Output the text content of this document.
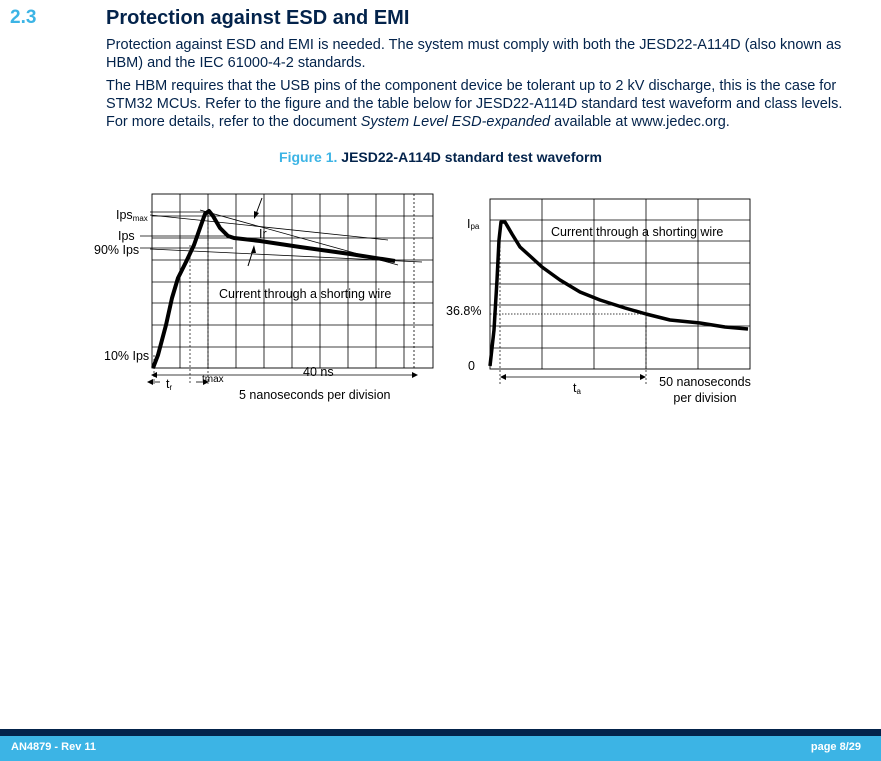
2.3	Protection against ESD and EMI
Protection against ESD and EMI is needed. The system must comply with both the JESD22-A114D (also known as HBM) and the IEC 61000-4-2 standards.
The HBM requires that the USB pins of the component device be tolerant up to 2 kV discharge, this is the case for STM32 MCUs. Refer to the figure and the table below for JESD22-A114D standard test waveform and class levels. For more details, refer to the document System Level ESD-expanded available at www.jedec.org.
Figure 1. JESD22-A114D standard test waveform
Ipsmax
Ips
90% Ips
10% Ips
Ir
Current through a shorting wire
tr
tmax
40 ns
5 nanoseconds per division
Ipa
36.8%
0
Current through a shorting wire
ta
50 nanoseconds
per division
AN4879 - Rev 11	page 8/29
